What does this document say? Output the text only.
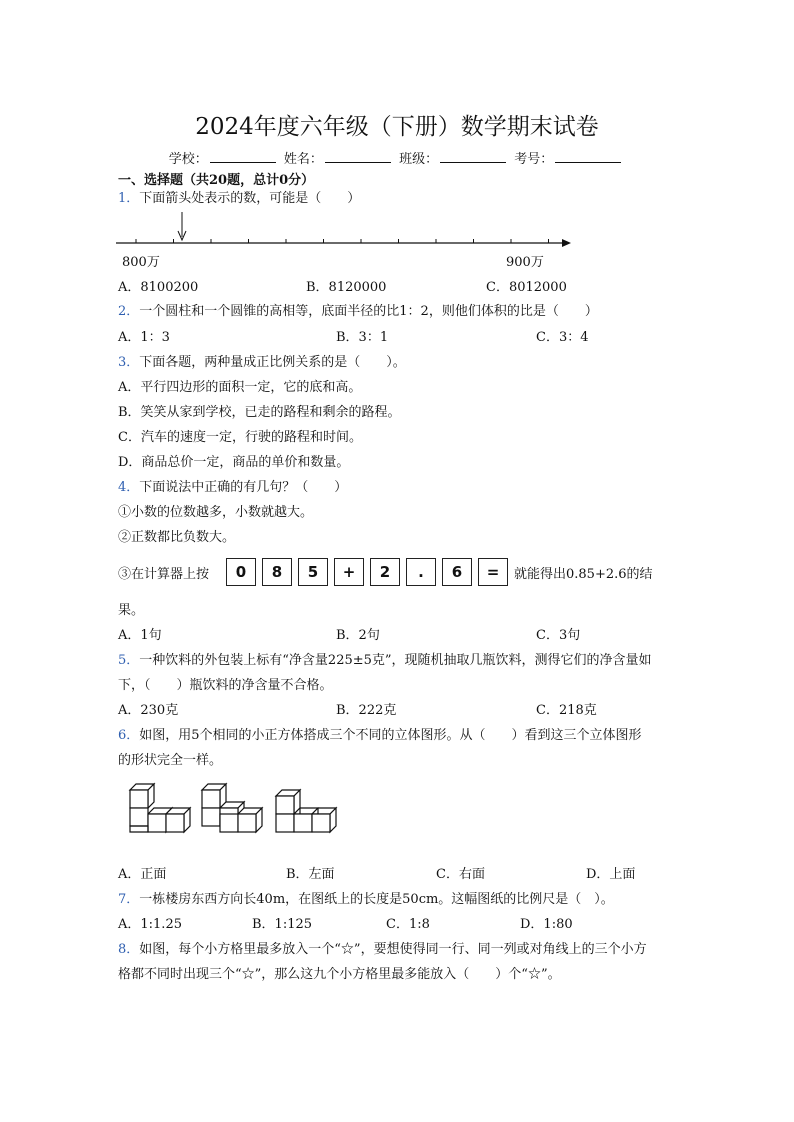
2024年度六年级（下册）数学期末试卷
学校：	姓名：	班级：	考号：
一、选择题（共20题，总计0分）
1．下面箭头处表示的数，可能是（　　）
800万	900万
A．8100200	B．8120000	C．8012000
2．一个圆柱和一个圆锥的高相等，底面半径的比1：2，则他们体积的比是（　　）
A．1：3	B．3：1	C．3：4
3．下面各题，两种量成正比例关系的是（　　）。
A．平行四边形的面积一定，它的底和高。
B．笑笑从家到学校，已走的路程和剩余的路程。
C．汽车的速度一定，行驶的路程和时间。
D．商品总价一定，商品的单价和数量。
4．下面说法中正确的有几句？（　　）
①小数的位数越多，小数就越大。
②正数都比负数大。
③在计算器上按	0	8	5	+	2	.	6	=	就能得出0.85+2.6的结
果。
A．1句	B．2句	C．3句
5．一种饮料的外包装上标有“净含量225±5克”，现随机抽取几瓶饮料，测得它们的净含量如
下，（　　）瓶饮料的净含量不合格。
A．230克	B．222克	C．218克
6．如图，用5个相同的小正方体搭成三个不同的立体图形。从（　　）看到这三个立体图形
的形状完全一样。
A．正面	B．左面	C．右面	D．上面
7．一栋楼房东西方向长40m，在图纸上的长度是50cm。这幅图纸的比例尺是（　）。
A．1:1.25	B．1:125	C．1:8	D．1:80
8．如图，每个小方格里最多放入一个“☆”，要想使得同一行、同一列或对角线上的三个小方
格都不同时出现三个“☆”，那么这九个小方格里最多能放入（　　）个“☆”。
